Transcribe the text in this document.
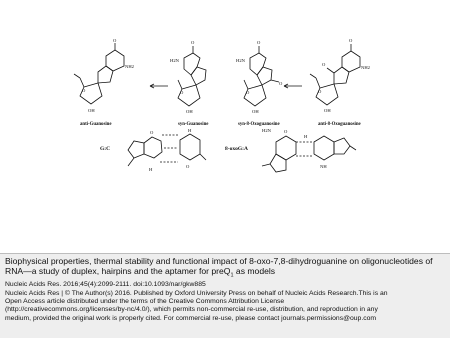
O
OH
O
NH2
anti-Guanosine
O
OH
O
H2N
syn-Guanosine
O
OH
O
O
H2N
syn-8-Oxoguanosine
O
OH
O
O
NH2
anti-8-Oxoguanosine
G:C
O
H
H
O
8-oxoG:A
H2N	O
H
NH

Biophysical properties, thermal stability and functional impact of 8-oxo-7,8-dihydroguanine on oligonucleotides of RNA—a study of duplex, hairpins and the aptamer for preQ$_1$ as models

Nucleic Acids Res. 2016;45(4):2099-2111. doi:10.1093/nar/gkw885

Nucleic Acids Res | © The Author(s) 2016. Published by Oxford University Press on behalf of Nucleic Acids Research.This is an

Open Access article distributed under the terms of the Creative Commons Attribution License

(http://creativecommons.org/licenses/by-nc/4.0/), which permits non-commercial re-use, distribution, and reproduction in any

medium, provided the original work is properly cited. For commercial re-use, please contact journals.permissions@oup.com
